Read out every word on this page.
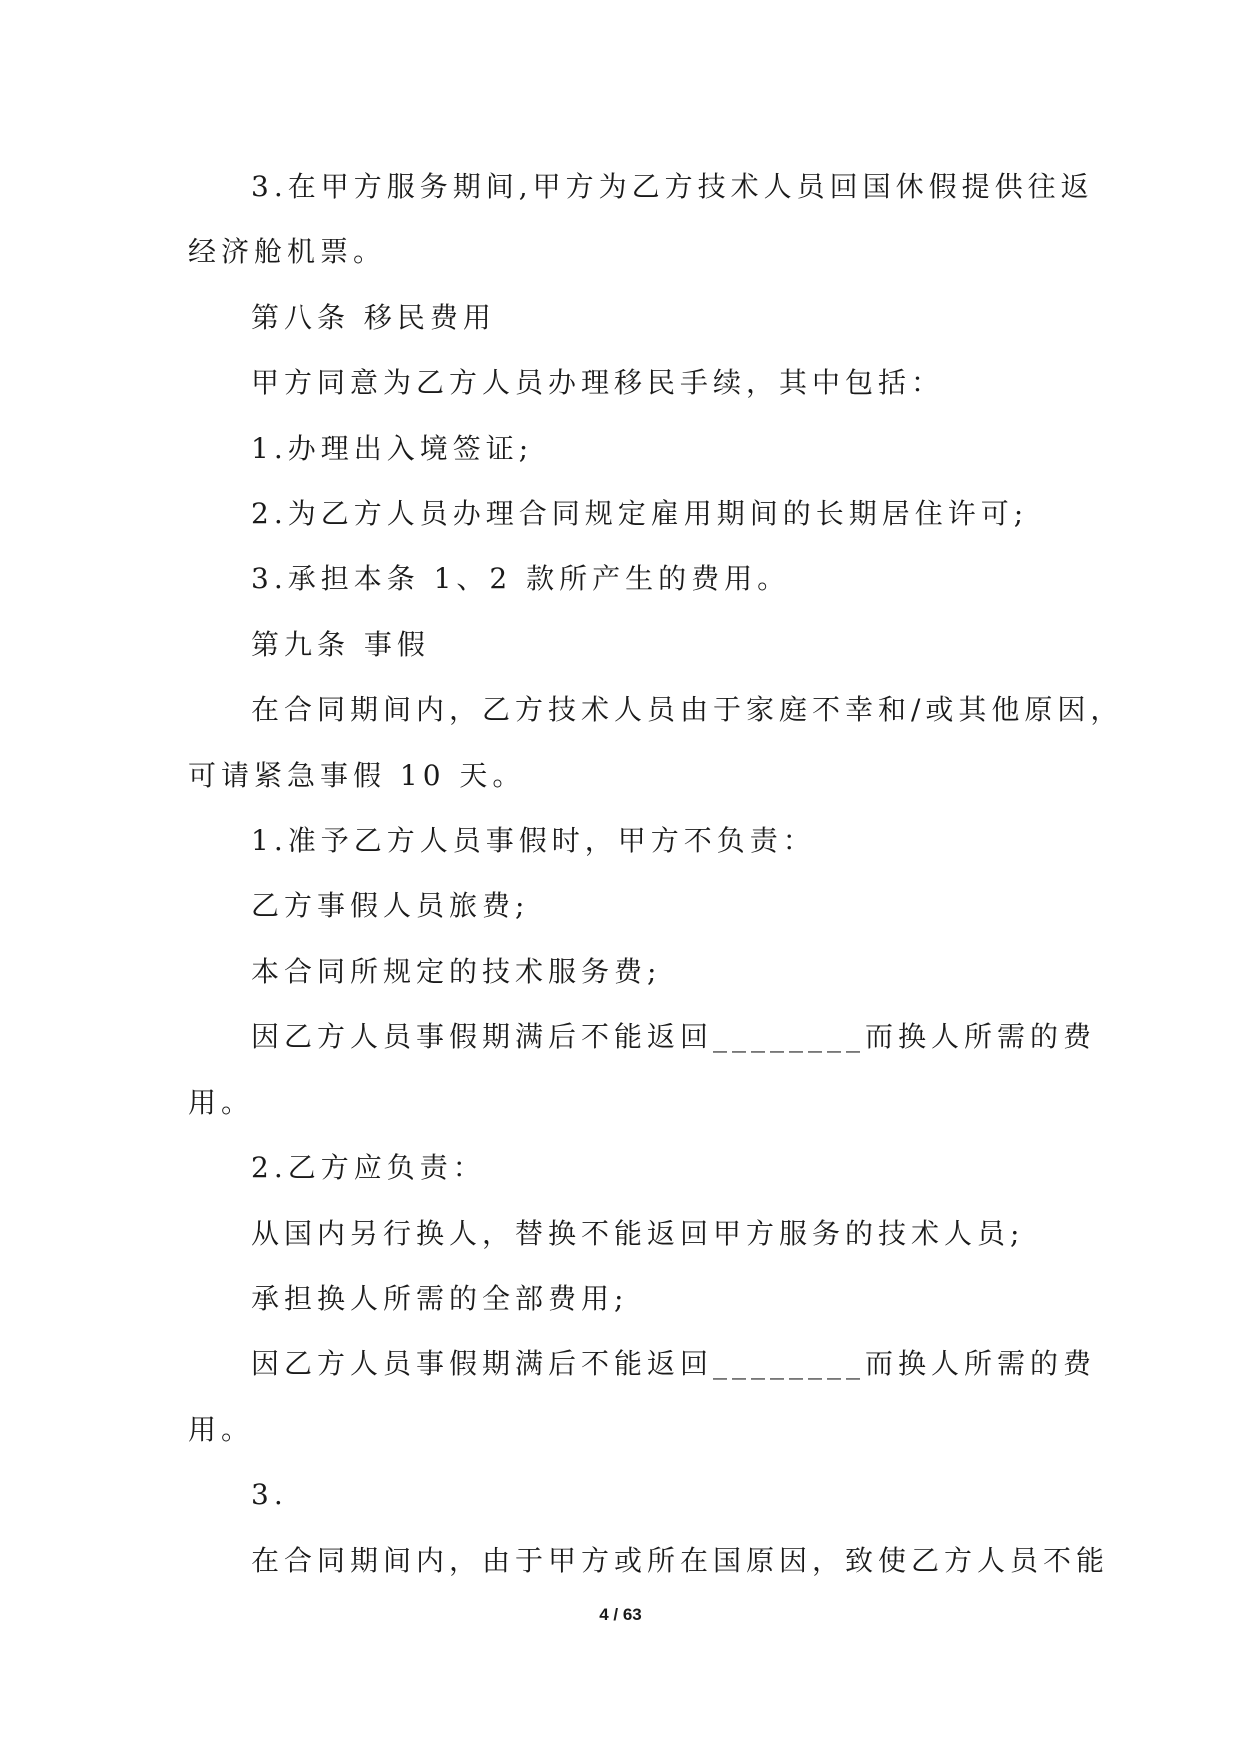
3.在甲方服务期间,甲方为乙方技术人员回国休假提供往返

经济舱机票。

第八条 移民费用

甲方同意为乙方人员办理移民手续，其中包括：

1.办理出入境签证;

2.为乙方人员办理合同规定雇用期间的长期居住许可;

3.承担本条 1、2 款所产生的费用。

第九条 事假

在合同期间内，乙方技术人员由于家庭不幸和/或其他原因，

可请紧急事假 10 天。

1.准予乙方人员事假时，甲方不负责：

乙方事假人员旅费;

本合同所规定的技术服务费;

因乙方人员事假期满后不能返回________而换人所需的费

用。

2.乙方应负责：

从国内另行换人，替换不能返回甲方服务的技术人员;

承担换人所需的全部费用;

因乙方人员事假期满后不能返回________而换人所需的费

用。

3.

在合同期间内，由于甲方或所在国原因，致使乙方人员不能

4 / 63
